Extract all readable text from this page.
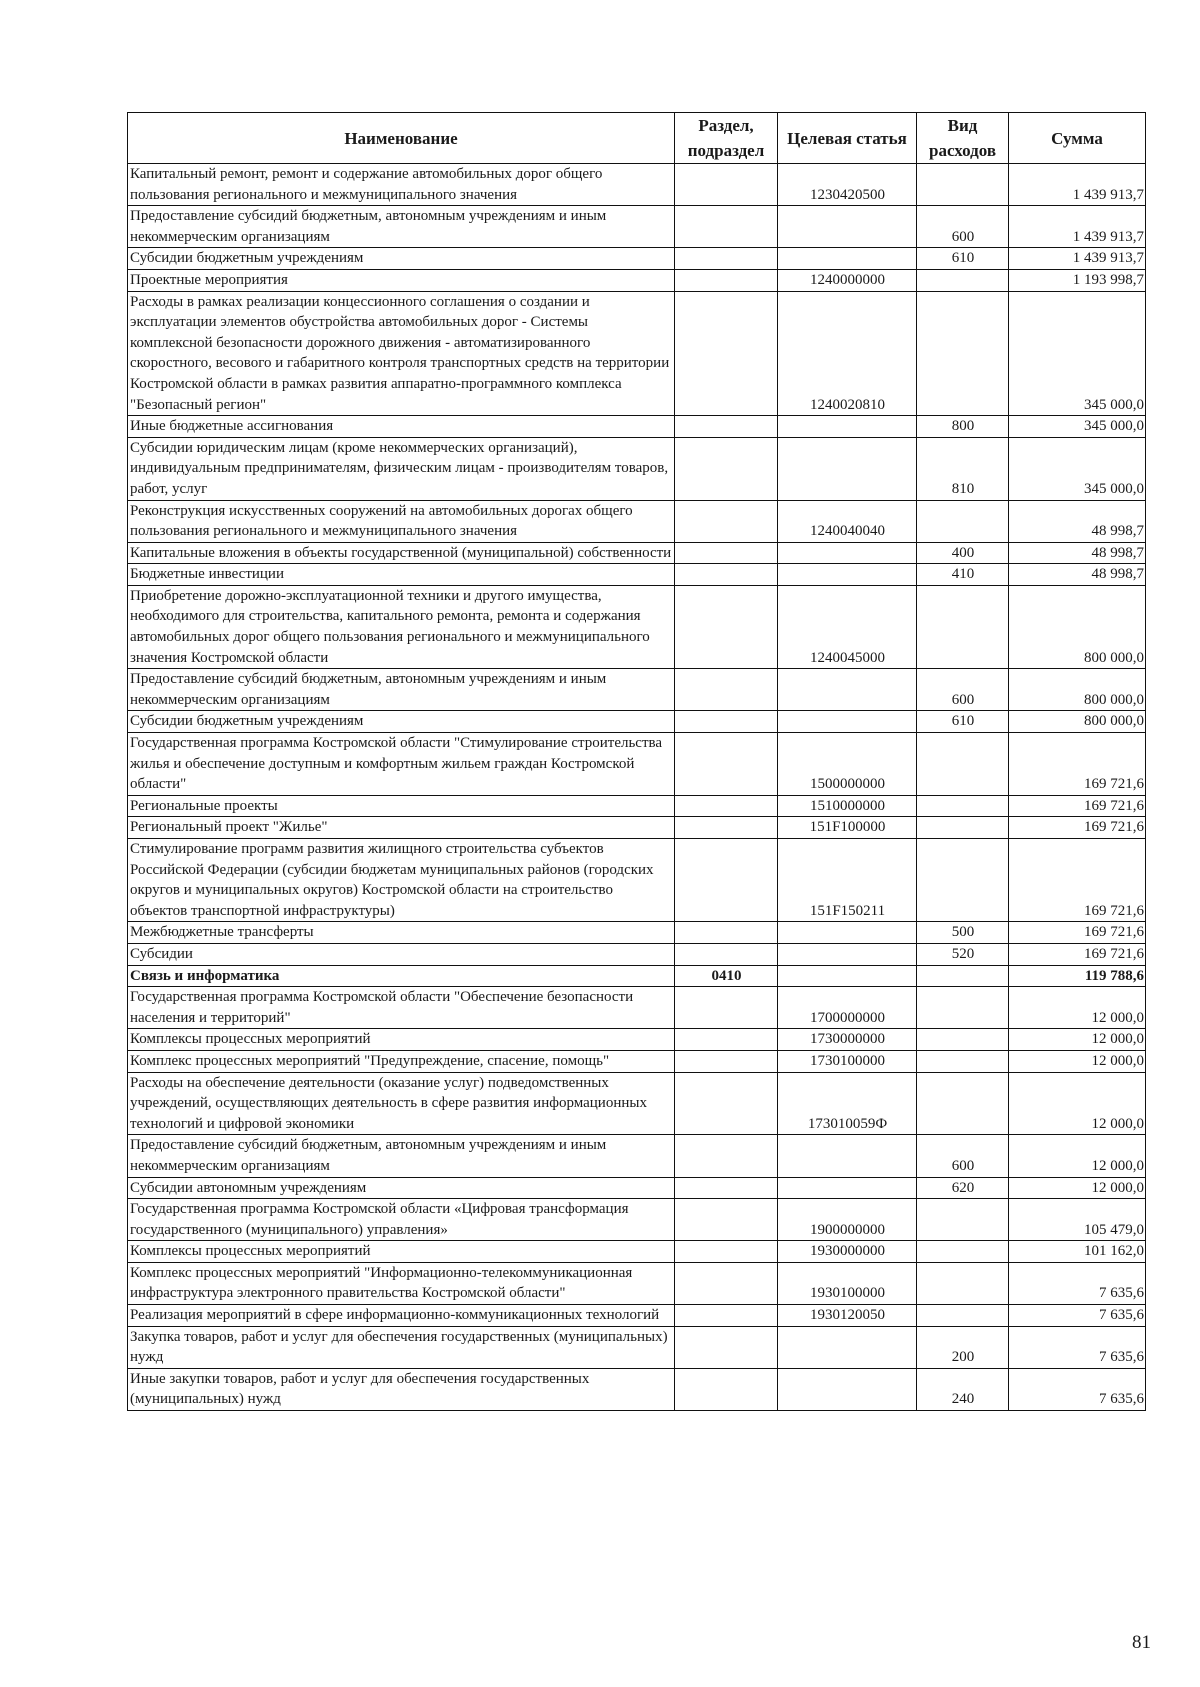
Наименование	Раздел, подраздел	Целевая статья	Вид расходов	Сумма
Капитальный ремонт, ремонт и содержание автомобильных дорог общего пользования регионального и межмуниципального значения		1230420500		1 439 913,7
Предоставление субсидий бюджетным, автономным учреждениям и иным некоммерческим организациям			600	1 439 913,7
Субсидии бюджетным учреждениям			610	1 439 913,7
Проектные мероприятия		1240000000		1 193 998,7
Расходы в рамках реализации концессионного соглашения о создании и эксплуатации элементов обустройства автомобильных дорог - Системы комплексной безопасности дорожного движения - автоматизированного скоростного, весового и габаритного контроля транспортных средств на территории Костромской области в рамках развития аппаратно-программного комплекса "Безопасный регион"		1240020810		345 000,0
Иные бюджетные ассигнования			800	345 000,0
Субсидии юридическим лицам (кроме некоммерческих организаций), индивидуальным предпринимателям, физическим лицам - производителям товаров, работ, услуг			810	345 000,0
Реконструкция искусственных сооружений на автомобильных дорогах общего пользования регионального и межмуниципального значения		1240040040		48 998,7
Капитальные вложения в объекты государственной (муниципальной) собственности			400	48 998,7
Бюджетные инвестиции			410	48 998,7
Приобретение дорожно-эксплуатационной техники и другого имущества, необходимого для строительства, капитального ремонта, ремонта и содержания автомобильных дорог общего пользования регионального и межмуниципального значения Костромской области		1240045000		800 000,0
Предоставление субсидий бюджетным, автономным учреждениям и иным некоммерческим организациям			600	800 000,0
Субсидии бюджетным учреждениям			610	800 000,0
Государственная программа Костромской области "Стимулирование строительства жилья и обеспечение доступным и комфортным жильем граждан Костромской области"		1500000000		169 721,6
Региональные проекты		1510000000		169 721,6
Региональный проект "Жилье"		151F100000		169 721,6
Стимулирование программ развития жилищного строительства субъектов Российской Федерации (субсидии бюджетам муниципальных районов (городских округов и муниципальных округов) Костромской области на строительство объектов транспортной инфраструктуры)		151F150211		169 721,6
Межбюджетные трансферты			500	169 721,6
Субсидии			520	169 721,6
Связь и информатика	0410			119 788,6
Государственная программа Костромской области "Обеспечение безопасности населения и территорий"		1700000000		12 000,0
Комплексы процессных мероприятий		1730000000		12 000,0
Комплекс процессных мероприятий "Предупреждение, спасение, помощь"		1730100000		12 000,0
Расходы на обеспечение деятельности (оказание услуг) подведомственных учреждений, осуществляющих деятельность в сфере развития информационных технологий и цифровой экономики		173010059Ф		12 000,0
Предоставление субсидий бюджетным, автономным учреждениям и иным некоммерческим организациям			600	12 000,0
Субсидии автономным учреждениям			620	12 000,0
Государственная программа Костромской области «Цифровая трансформация государственного (муниципального) управления»		1900000000		105 479,0
Комплексы процессных мероприятий		1930000000		101 162,0
Комплекс процессных мероприятий "Информационно-телекоммуникационная инфраструктура электронного правительства Костромской области"		1930100000		7 635,6
Реализация мероприятий в сфере информационно-коммуникационных технологий		1930120050		7 635,6
Закупка товаров, работ и услуг для обеспечения государственных (муниципальных) нужд			200	7 635,6
Иные закупки товаров, работ и услуг для обеспечения государственных (муниципальных) нужд			240	7 635,6
81
